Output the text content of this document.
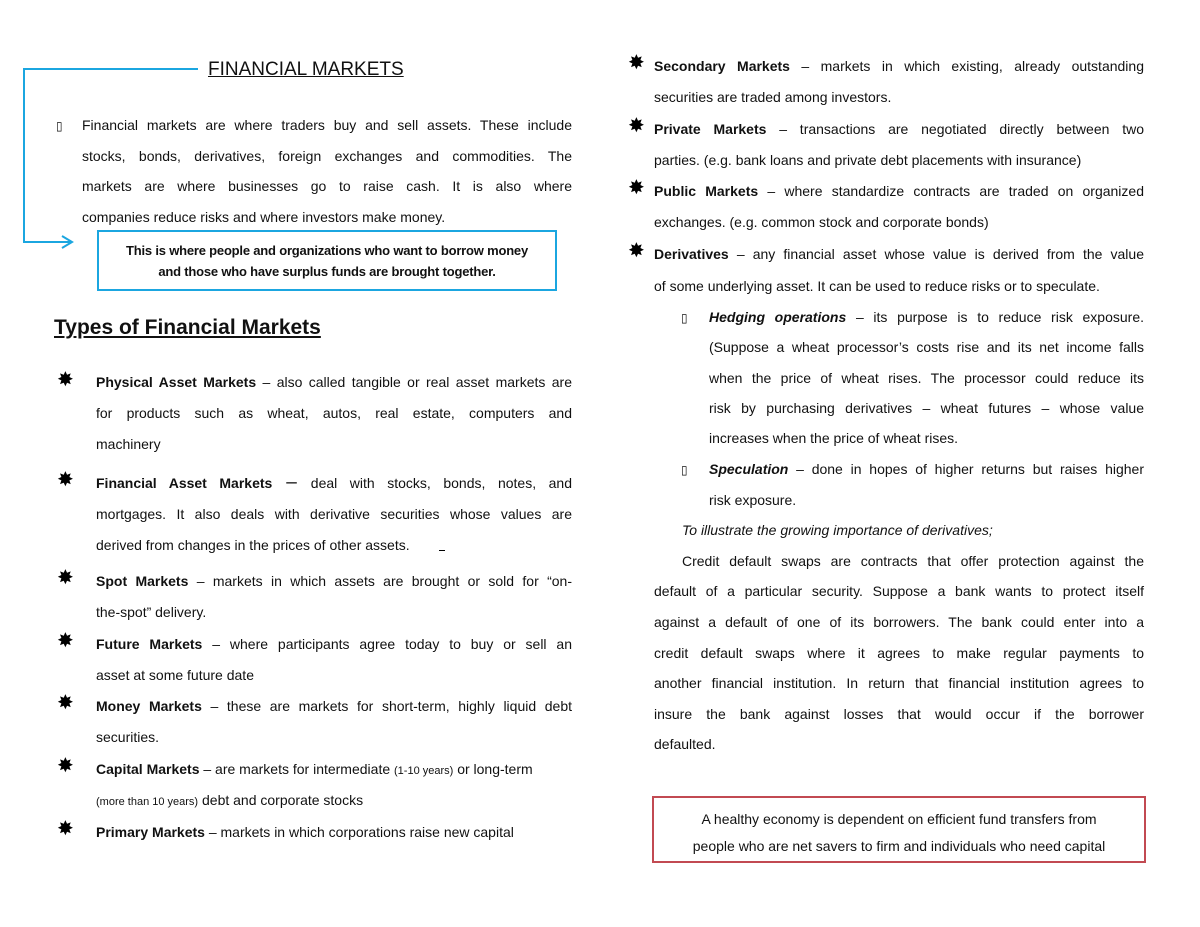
FINANCIAL MARKETS
▯ Financial markets are where traders buy and sell assets. These include
stocks, bonds, derivatives, foreign exchanges and commodities. The
markets are where businesses go to raise cash. It is also where
companies reduce risks and where investors make money.
This is where people and organizations who want to borrow money
and those who have surplus funds are brought together.
Types of Financial Markets
✸ Physical Asset Markets – also called tangible or real asset markets are
for products such as wheat, autos, real estate, computers and
machinery
✸ Financial Asset Markets – deal with stocks, bonds, notes, and
mortgages. It also deals with derivative securities whose values are
derived from changes in the prices of other assets.
✸ Spot Markets – markets in which assets are brought or sold for “on-
the-spot” delivery.
✸ Future Markets – where participants agree today to buy or sell an
asset at some future date
✸ Money Markets – these are markets for short-term, highly liquid debt
securities.
✸ Capital Markets – are markets for intermediate (1-10 years) or long-term
(more than 10 years) debt and corporate stocks
✸ Primary Markets – markets in which corporations raise new capital
✸ Secondary Markets – markets in which existing, already outstanding
securities are traded among investors.
✸ Private Markets – transactions are negotiated directly between two
parties. (e.g. bank loans and private debt placements with insurance)
✸ Public Markets – where standardize contracts are traded on organized
exchanges. (e.g. common stock and corporate bonds)
✸ Derivatives – any financial asset whose value is derived from the value
of some underlying asset. It can be used to reduce risks or to speculate.
▯ Hedging operations – its purpose is to reduce risk exposure.
(Suppose a wheat processor’s costs rise and its net income falls
when the price of wheat rises. The processor could reduce its
risk by purchasing derivatives – wheat futures – whose value
increases when the price of wheat rises.
▯ Speculation – done in hopes of higher returns but raises higher
risk exposure.
To illustrate the growing importance of derivatives;
Credit default swaps are contracts that offer protection against the
default of a particular security. Suppose a bank wants to protect itself
against a default of one of its borrowers. The bank could enter into a
credit default swaps where it agrees to make regular payments to
another financial institution. In return that financial institution agrees to
insure the bank against losses that would occur if the borrower
defaulted.
A healthy economy is dependent on efficient fund transfers from
people who are net savers to firm and individuals who need capital
